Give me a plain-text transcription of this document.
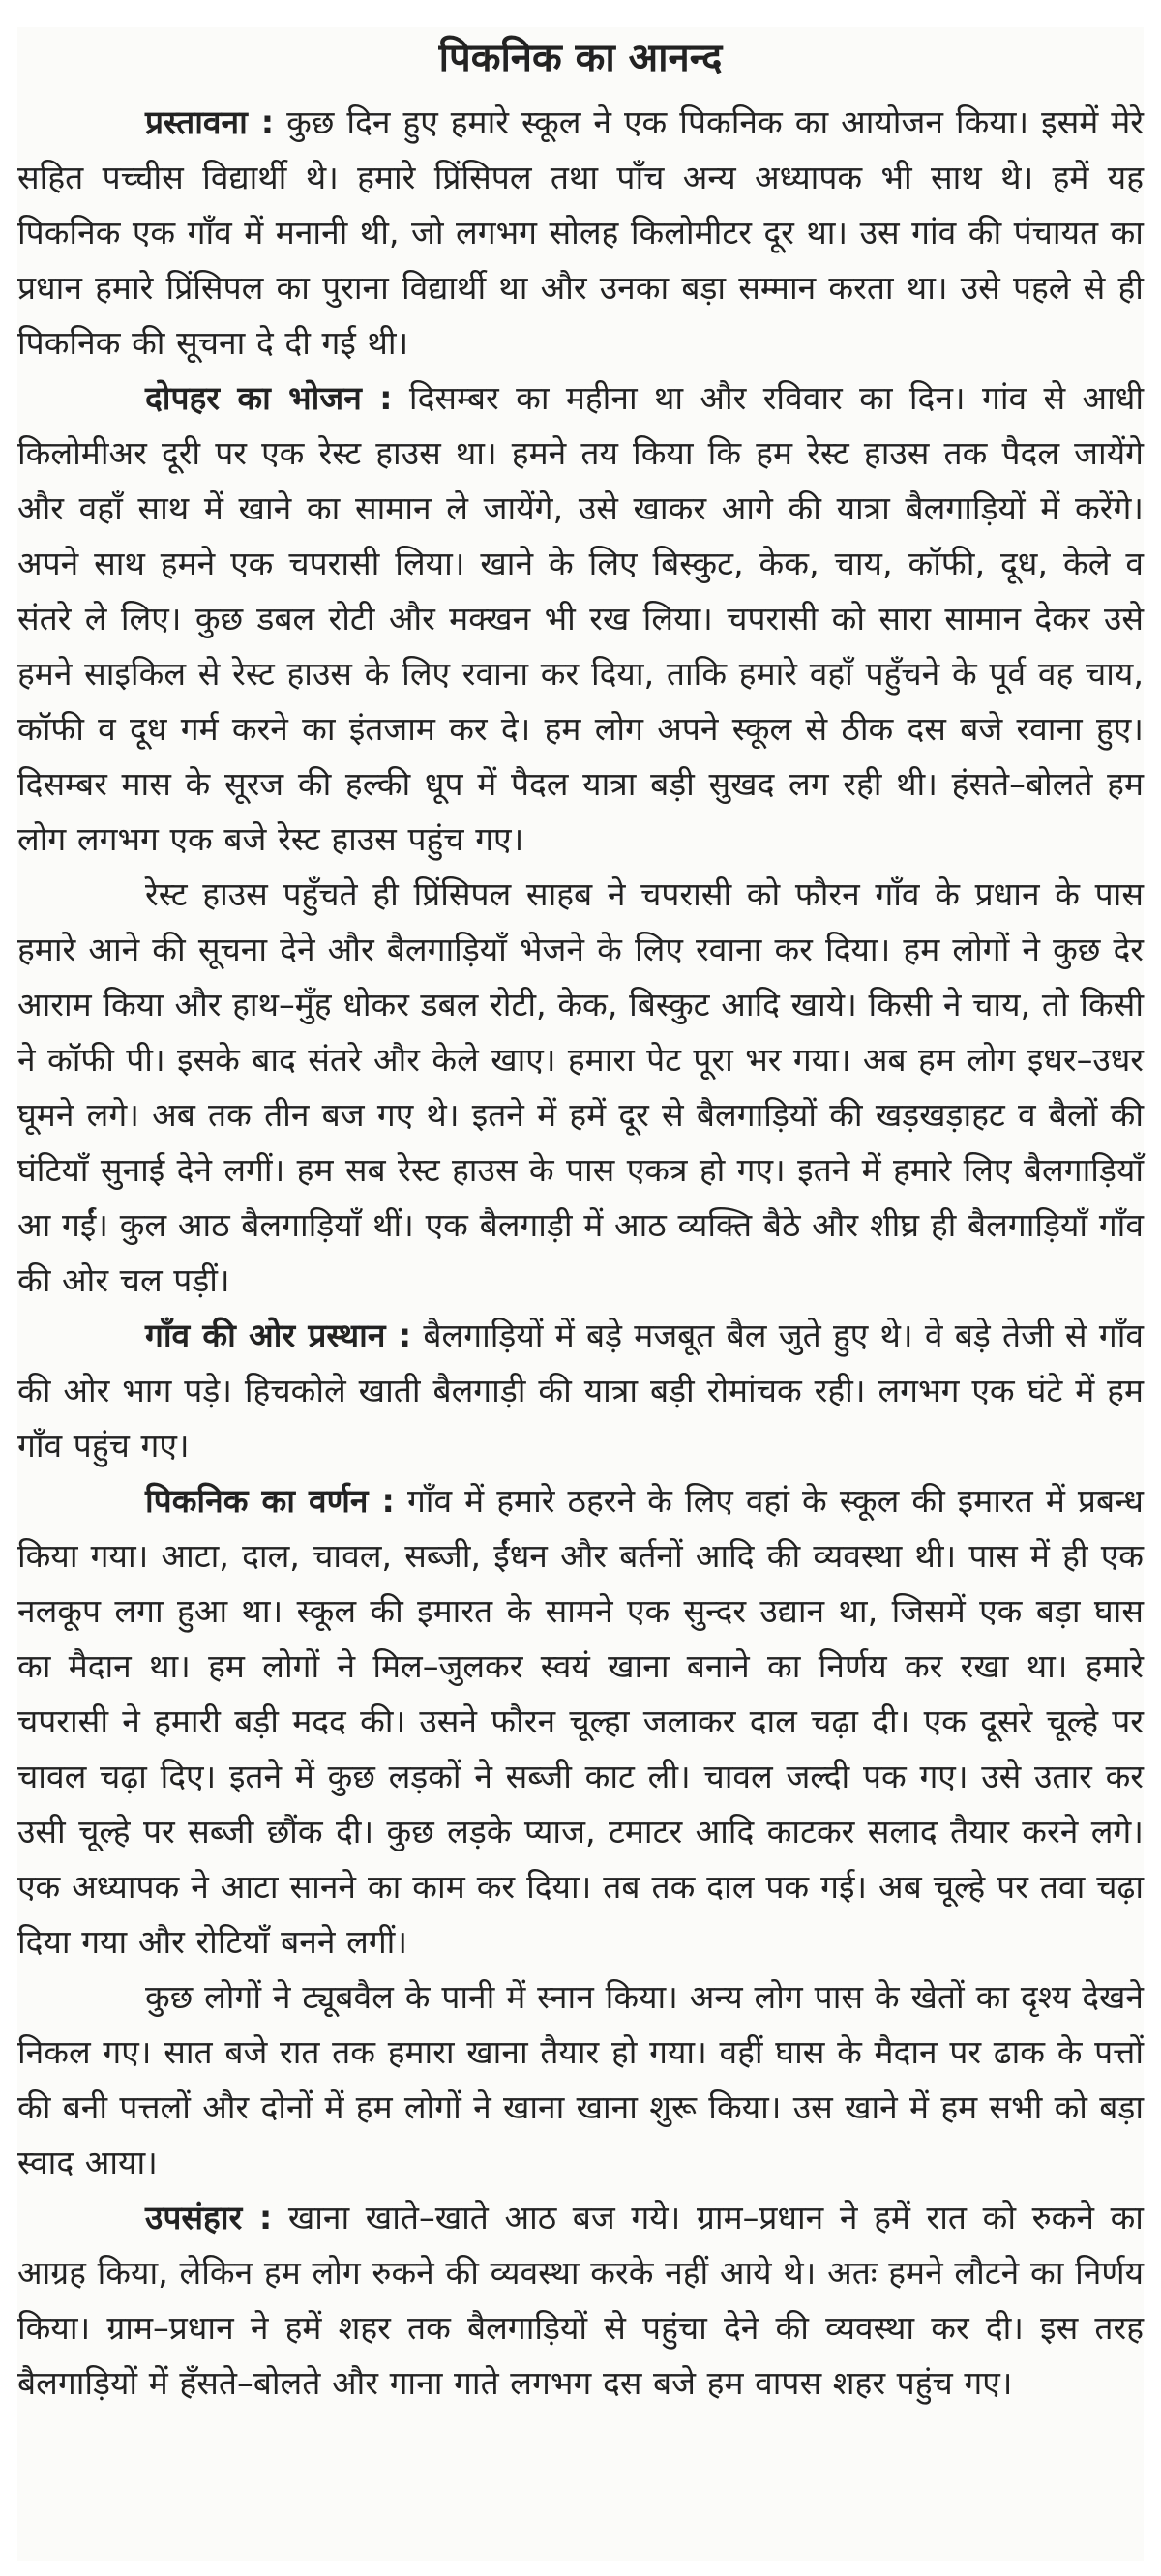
पिकनिक का आनन्द

प्रस्तावना : कुछ दिन हुए हमारे स्कूल ने एक पिकनिक का आयोजन किया। इसमें मेरे सहित पच्चीस विद्यार्थी थे। हमारे प्रिंसिपल तथा पाँच अन्य अध्यापक भी साथ थे। हमें यह पिकनिक एक गाँव में मनानी थी, जो लगभग सोलह किलोमीटर दूर था। उस गांव की पंचायत का प्रधान हमारे प्रिंसिपल का पुराना विद्यार्थी था और उनका बड़ा सम्मान करता था। उसे पहले से ही पिकनिक की सूचना दे दी गई थी।

दोपहर का भोजन : दिसम्बर का महीना था और रविवार का दिन। गांव से आधी किलोमीअर दूरी पर एक रेस्ट हाउस था। हमने तय किया कि हम रेस्ट हाउस तक पैदल जायेंगे और वहाँ साथ में खाने का सामान ले जायेंगे, उसे खाकर आगे की यात्रा बैलगाड़ियों में करेंगे। अपने साथ हमने एक चपरासी लिया। खाने के लिए बिस्कुट, केक, चाय, कॉफी, दूध, केले व संतरे ले लिए। कुछ डबल रोटी और मक्खन भी रख लिया। चपरासी को सारा सामान देकर उसे हमने साइकिल से रेस्ट हाउस के लिए रवाना कर दिया, ताकि हमारे वहाँ पहुँचने के पूर्व वह चाय, कॉफी व दूध गर्म करने का इंतजाम कर दे। हम लोग अपने स्कूल से ठीक दस बजे रवाना हुए। दिसम्बर मास के सूरज की हल्की धूप में पैदल यात्रा बड़ी सुखद लग रही थी। हंसते–बोलते हम लोग लगभग एक बजे रेस्ट हाउस पहुंच गए।

रेस्ट हाउस पहुँचते ही प्रिंसिपल साहब ने चपरासी को फौरन गाँव के प्रधान के पास हमारे आने की सूचना देने और बैलगाड़ियाँ भेजने के लिए रवाना कर दिया। हम लोगों ने कुछ देर आराम किया और हाथ–मुँह धोकर डबल रोटी, केक, बिस्कुट आदि खाये। किसी ने चाय, तो किसी ने कॉफी पी। इसके बाद संतरे और केले खाए। हमारा पेट पूरा भर गया। अब हम लोग इधर–उधर घूमने लगे। अब तक तीन बज गए थे। इतने में हमें दूर से बैलगाड़ियों की खड़खड़ाहट व बैलों की घंटियाँ सुनाई देने लगीं। हम सब रेस्ट हाउस के पास एकत्र हो गए। इतने में हमारे लिए बैलगाड़ियाँ आ गईं। कुल आठ बैलगाड़ियाँ थीं। एक बैलगाड़ी में आठ व्यक्ति बैठे और शीघ्र ही बैलगाड़ियाँ गाँव की ओर चल पड़ीं।

गाँव की ओर प्रस्थान : बैलगाड़ियों में बड़े मजबूत बैल जुते हुए थे। वे बड़े तेजी से गाँव की ओर भाग पड़े। हिचकोले खाती बैलगाड़ी की यात्रा बड़ी रोमांचक रही। लगभग एक घंटे में हम गाँव पहुंच गए।

पिकनिक का वर्णन : गाँव में हमारे ठहरने के लिए वहां के स्कूल की इमारत में प्रबन्ध किया गया। आटा, दाल, चावल, सब्जी, ईंधन और बर्तनों आदि की व्यवस्था थी। पास में ही एक नलकूप लगा हुआ था। स्कूल की इमारत के सामने एक सुन्दर उद्यान था, जिसमें एक बड़ा घास का मैदान था। हम लोगों ने मिल–जुलकर स्वयं खाना बनाने का निर्णय कर रखा था। हमारे चपरासी ने हमारी बड़ी मदद की। उसने फौरन चूल्हा जलाकर दाल चढ़ा दी। एक दूसरे चूल्हे पर चावल चढ़ा दिए। इतने में कुछ लड़कों ने सब्जी काट ली। चावल जल्दी पक गए। उसे उतार कर उसी चूल्हे पर सब्जी छौंक दी। कुछ लड़के प्याज, टमाटर आदि काटकर सलाद तैयार करने लगे। एक अध्यापक ने आटा सानने का काम कर दिया। तब तक दाल पक गई। अब चूल्हे पर तवा चढ़ा दिया गया और रोटियाँ बनने लगीं।

कुछ लोगों ने ट्यूबवैल के पानी में स्नान किया। अन्य लोग पास के खेतों का दृश्य देखने निकल गए। सात बजे रात तक हमारा खाना तैयार हो गया। वहीं घास के मैदान पर ढाक के पत्तों की बनी पत्तलों और दोनों में हम लोगों ने खाना खाना शुरू किया। उस खाने में हम सभी को बड़ा स्वाद आया।

उपसंहार : खाना खाते–खाते आठ बज गये। ग्राम–प्रधान ने हमें रात को रुकने का आग्रह किया, लेकिन हम लोग रुकने की व्यवस्था करके नहीं आये थे। अतः हमने लौटने का निर्णय किया। ग्राम–प्रधान ने हमें शहर तक बैलगाड़ियों से पहुंचा देने की व्यवस्था कर दी। इस तरह बैलगाड़ियों में हँसते–बोलते और गाना गाते लगभग दस बजे हम वापस शहर पहुंच गए।
